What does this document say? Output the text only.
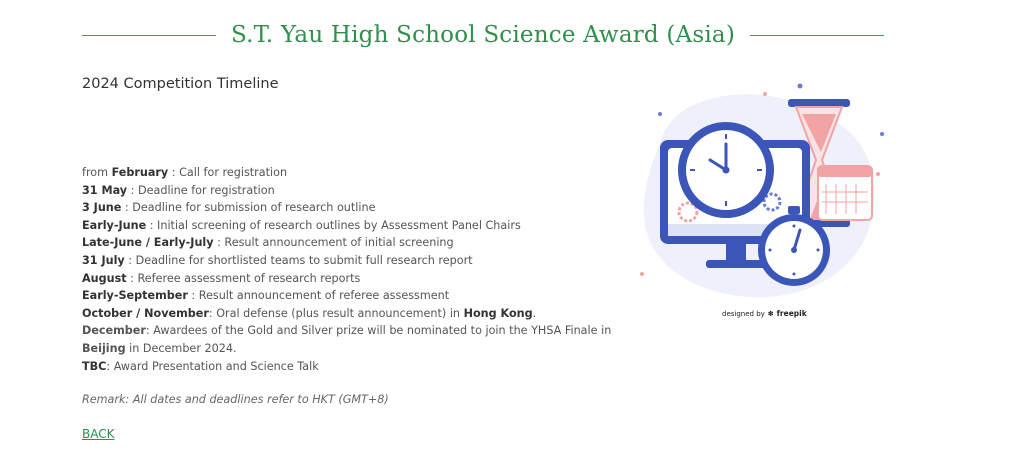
S.T. Yau High School Science Award (Asia)
2024 Competition Timeline
from February : Call for registration
31 May : Deadline for registration
3 June : Deadline for submission of research outline
Early-June : Initial screening of research outlines by Assessment Panel Chairs
Late-June / Early-July : Result announcement of initial screening
31 July : Deadline for shortlisted teams to submit full research report
August : Referee assessment of research reports
Early-September : Result announcement of referee assessment
October / November: Oral defense (plus result announcement) in Hong Kong.
December: Awardees of the Gold and Silver prize will be nominated to join the YHSA Finale in Beijing in December 2024.
TBC: Award Presentation and Science Talk
Remark: All dates and deadlines refer to HKT (GMT+8)
BACK
designed by ✽ freepik
